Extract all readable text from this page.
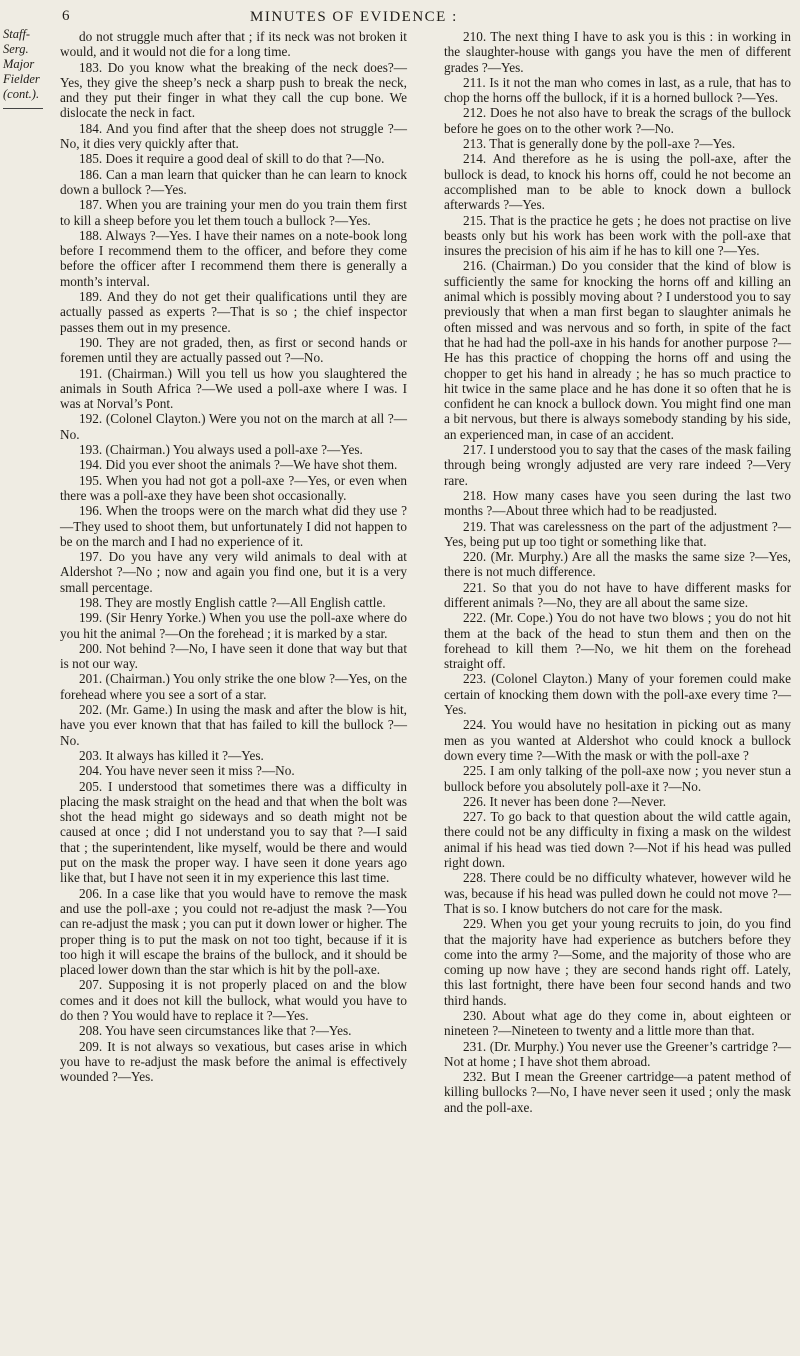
6	MINUTES OF EVIDENCE :
Staff-Serg.
Major
Fielder
(cont.).

do not struggle much after that ; if its neck was not broken it would, and it would not die for a long time.

183. Do you know what the breaking of the neck does?—Yes, they give the sheep’s neck a sharp push to break the neck, and they put their finger in what they call the cup bone. We dislocate the neck in fact.

184. And you find after that the sheep does not struggle ?—No, it dies very quickly after that.

185. Does it require a good deal of skill to do that ?—No.

186. Can a man learn that quicker than he can learn to knock down a bullock ?—Yes.

187. When you are training your men do you train them first to kill a sheep before you let them touch a bullock ?—Yes.

188. Always ?—Yes. I have their names on a note-book long before I recommend them to the officer, and before they come before the officer after I recommend them there is generally a month’s interval.

189. And they do not get their qualifications until they are actually passed as experts ?—That is so ; the chief inspector passes them out in my presence.

190. They are not graded, then, as first or second hands or foremen until they are actually passed out ?—No.

191. (Chairman.) Will you tell us how you slaughtered the animals in South Africa ?—We used a poll-axe where I was. I was at Norval’s Pont.

192. (Colonel Clayton.) Were you not on the march at all ?—No.

193. (Chairman.) You always used a poll-axe ?—Yes.

194. Did you ever shoot the animals ?—We have shot them.

195. When you had not got a poll-axe ?—Yes, or even when there was a poll-axe they have been shot occasionally.

196. When the troops were on the march what did they use ?—They used to shoot them, but unfortunately I did not happen to be on the march and I had no experience of it.

197. Do you have any very wild animals to deal with at Aldershot ?—No ; now and again you find one, but it is a very small percentage.

198. They are mostly English cattle ?—All English cattle.

199. (Sir Henry Yorke.) When you use the poll-axe where do you hit the animal ?—On the forehead ; it is marked by a star.

200. Not behind ?—No, I have seen it done that way but that is not our way.

201. (Chairman.) You only strike the one blow ?—Yes, on the forehead where you see a sort of a star.

202. (Mr. Game.) In using the mask and after the blow is hit, have you ever known that that has failed to kill the bullock ?—No.

203. It always has killed it ?—Yes.

204. You have never seen it miss ?—No.

205. I understood that sometimes there was a difficulty in placing the mask straight on the head and that when the bolt was shot the head might go sideways and so death might not be caused at once ; did I not understand you to say that ?—I said that ; the superintendent, like myself, would be there and would put on the mask the proper way. I have seen it done years ago like that, but I have not seen it in my experience this last time.

206. In a case like that you would have to remove the mask and use the poll-axe ; you could not re-adjust the mask ?—You can re-adjust the mask ; you can put it down lower or higher. The proper thing is to put the mask on not too tight, because if it is too high it will escape the brains of the bullock, and it should be placed lower down than the star which is hit by the poll-axe.

207. Supposing it is not properly placed on and the blow comes and it does not kill the bullock, what would you have to do then ? You would have to replace it ?—Yes.

208. You have seen circumstances like that ?—Yes.

209. It is not always so vexatious, but cases arise in which you have to re-adjust the mask before the animal is effectively wounded ?—Yes.

210. The next thing I have to ask you is this : in working in the slaughter-house with gangs you have the men of different grades ?—Yes.

211. Is it not the man who comes in last, as a rule, that has to chop the horns off the bullock, if it is a horned bullock ?—Yes.

212. Does he not also have to break the scrags of the bullock before he goes on to the other work ?—No.

213. That is generally done by the poll-axe ?—Yes.

214. And therefore as he is using the poll-axe, after the bullock is dead, to knock his horns off, could he not become an accomplished man to be able to knock down a bullock afterwards ?—Yes.

215. That is the practice he gets ; he does not practise on live beasts only but his work has been work with the poll-axe that insures the precision of his aim if he has to kill one ?—Yes.

216. (Chairman.) Do you consider that the kind of blow is sufficiently the same for knocking the horns off and killing an animal which is possibly moving about ? I understood you to say previously that when a man first began to slaughter animals he often missed and was nervous and so forth, in spite of the fact that he had had the poll-axe in his hands for another purpose ?—He has this practice of chopping the horns off and using the chopper to get his hand in already ; he has so much practice to hit twice in the same place and he has done it so often that he is confident he can knock a bullock down. You might find one man a bit nervous, but there is always somebody standing by his side, an experienced man, in case of an accident.

217. I understood you to say that the cases of the mask failing through being wrongly adjusted are very rare indeed ?—Very rare.

218. How many cases have you seen during the last two months ?—About three which had to be readjusted.

219. That was carelessness on the part of the adjustment ?—Yes, being put up too tight or something like that.

220. (Mr. Murphy.) Are all the masks the same size ?—Yes, there is not much difference.

221. So that you do not have to have different masks for different animals ?—No, they are all about the same size.

222. (Mr. Cope.) You do not have two blows ; you do not hit them at the back of the head to stun them and then on the forehead to kill them ?—No, we hit them on the forehead straight off.

223. (Colonel Clayton.) Many of your foremen could make certain of knocking them down with the poll-axe every time ?—Yes.

224. You would have no hesitation in picking out as many men as you wanted at Aldershot who could knock a bullock down every time ?—With the mask or with the poll-axe ?

225. I am only talking of the poll-axe now ; you never stun a bullock before you absolutely poll-axe it ?—No.

226. It never has been done ?—Never.

227. To go back to that question about the wild cattle again, there could not be any difficulty in fixing a mask on the wildest animal if his head was tied down ?—Not if his head was pulled right down.

228. There could be no difficulty whatever, however wild he was, because if his head was pulled down he could not move ?—That is so. I know butchers do not care for the mask.

229. When you get your young recruits to join, do you find that the majority have had experience as butchers before they come into the army ?—Some, and the majority of those who are coming up now have ; they are second hands right off. Lately, this last fortnight, there have been four second hands and two third hands.

230. About what age do they come in, about eighteen or nineteen ?—Nineteen to twenty and a little more than that.

231. (Dr. Murphy.) You never use the Greener’s cartridge ?—Not at home ; I have shot them abroad.

232. But I mean the Greener cartridge—a patent method of killing bullocks ?—No, I have never seen it used ; only the mask and the poll-axe.
